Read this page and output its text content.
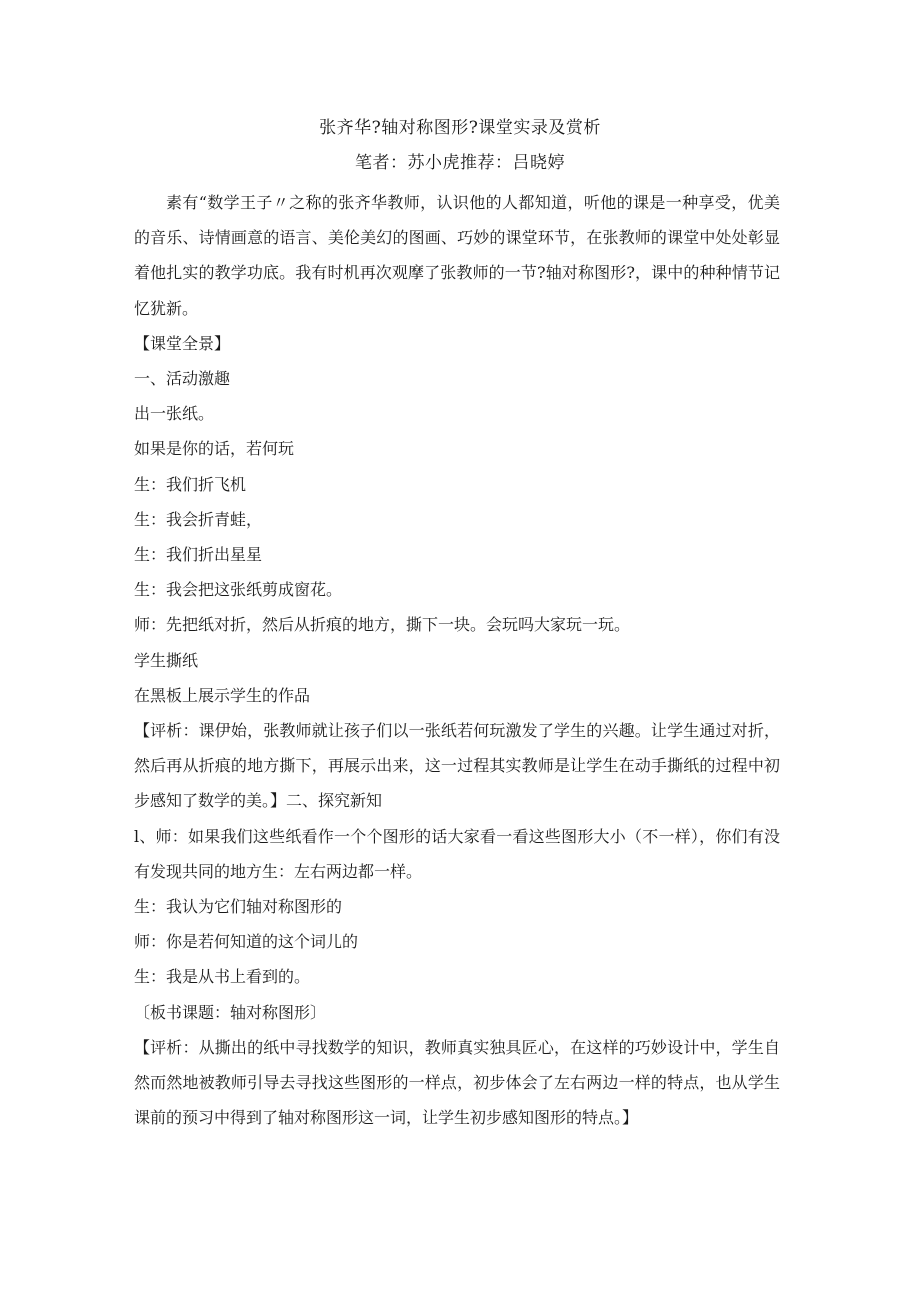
张齐华?轴对称图形?课堂实录及赏析
笔者：苏小虎推荐：吕晓婷

素有“数学王子〃之称的张齐华教师，认识他的人都知道，听他的课是一种享受，优美的音乐、诗情画意的语言、美伦美幻的图画、巧妙的课堂环节，在张教师的课堂中处处彰显着他扎实的教学功底。我有时机再次观摩了张教师的一节?轴对称图形?，课中的种种情节记忆犹新。

【课堂全景】

一、活动激趣

出一张纸。

如果是你的话，若何玩

生：我们折飞机

生：我会折青蛙，

生：我们折出星星

生：我会把这张纸剪成窗花。

师：先把纸对折，然后从折痕的地方，撕下一块。会玩吗大家玩一玩。

学生撕纸

在黑板上展示学生的作品

【评析：课伊始，张教师就让孩子们以一张纸若何玩激发了学生的兴趣。让学生通过对折，然后再从折痕的地方撕下，再展示出来，这一过程其实教师是让学生在动手撕纸的过程中初步感知了数学的美。】二、探究新知

l、师：如果我们这些纸看作一个个图形的话大家看一看这些图形大小（不一样），你们有没有发现共同的地方生：左右两边都一样。

生：我认为它们轴对称图形的

师：你是若何知道的这个词儿的

生：我是从书上看到的。

〔板书课题：轴对称图形〕

【评析：从撕出的纸中寻找数学的知识，教师真实独具匠心，在这样的巧妙设计中，学生自然而然地被教师引导去寻找这些图形的一样点，初步体会了左右两边一样的特点，也从学生课前的预习中得到了轴对称图形这一词，让学生初步感知图形的特点。】
